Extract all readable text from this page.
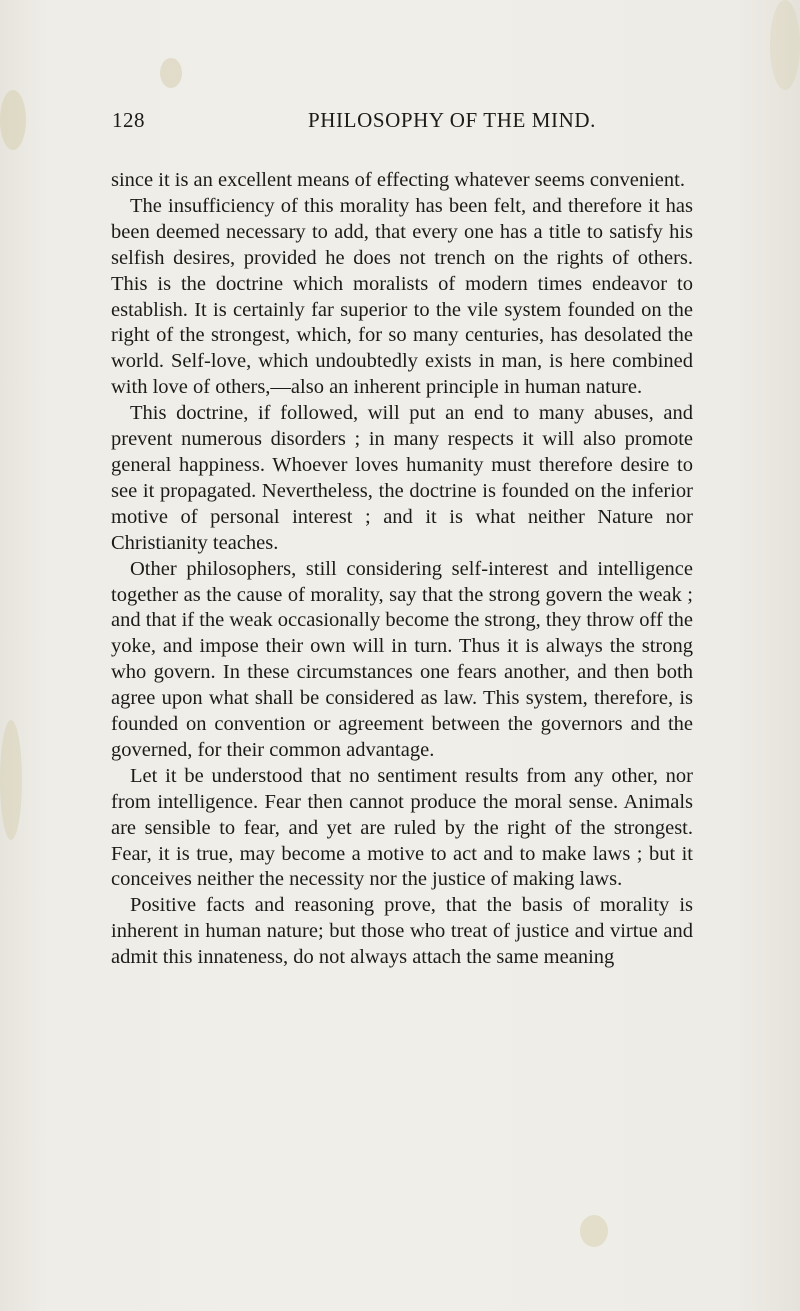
128	PHILOSOPHY OF THE MIND.

since it is an excellent means of effecting whatever seems convenient.

The insufficiency of this morality has been felt, and therefore it has been deemed necessary to add, that every one has a title to satisfy his selfish desires, provided he does not trench on the rights of others. This is the doctrine which moralists of modern times endeavor to establish. It is certainly far superior to the vile system founded on the right of the strongest, which, for so many centuries, has desolated the world. Self-love, which undoubtedly exists in man, is here combined with love of others,—also an inherent principle in human nature.

This doctrine, if followed, will put an end to many abuses, and prevent numerous disorders ; in many respects it will also promote general happiness. Whoever loves humanity must therefore desire to see it propagated. Nevertheless, the doctrine is founded on the inferior motive of personal interest ; and it is what neither Nature nor Christianity teaches.

Other philosophers, still considering self-interest and intelligence together as the cause of morality, say that the strong govern the weak ; and that if the weak occasionally become the strong, they throw off the yoke, and impose their own will in turn. Thus it is always the strong who govern. In these circumstances one fears another, and then both agree upon what shall be considered as law. This system, therefore, is founded on convention or agreement between the governors and the governed, for their common advantage.

Let it be understood that no sentiment results from any other, nor from intelligence. Fear then cannot produce the moral sense. Animals are sensible to fear, and yet are ruled by the right of the strongest. Fear, it is true, may become a motive to act and to make laws ; but it conceives neither the necessity nor the justice of making laws.

Positive facts and reasoning prove, that the basis of morality is inherent in human nature; but those who treat of justice and virtue and admit this innateness, do not always attach the same meaning
